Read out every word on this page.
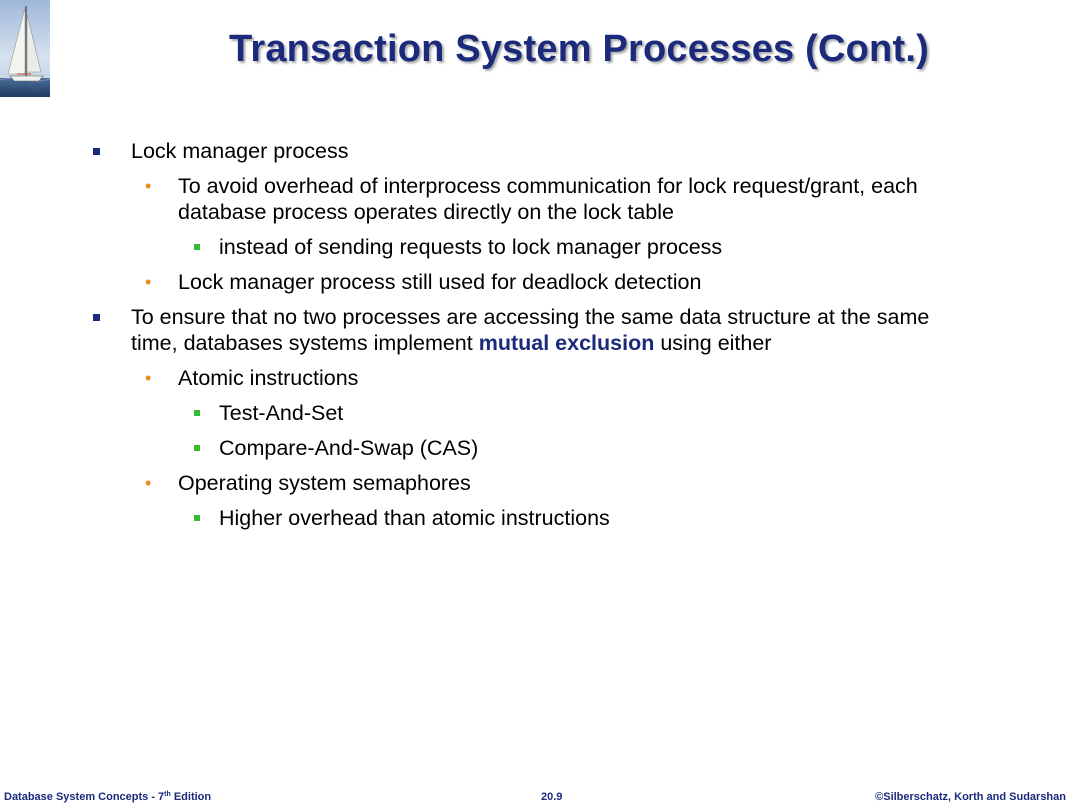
Transaction System Processes (Cont.)
Lock manager process
• To avoid overhead of interprocess communication for lock request/grant, each database process operates directly on the lock table
instead of sending requests to lock manager process
• Lock manager process still used for deadlock detection
To ensure that no two processes are accessing the same data structure at the same time, databases systems implement mutual exclusion using either
• Atomic instructions
Test-And-Set
Compare-And-Swap (CAS)
• Operating system semaphores
Higher overhead than atomic instructions
Database System Concepts - 7th Edition	20.9	©Silberschatz, Korth and Sudarshan
